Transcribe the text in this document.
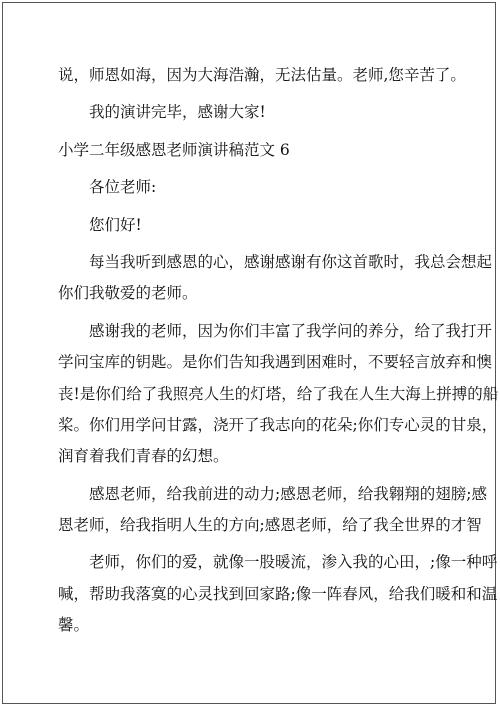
说，师恩如海，因为大海浩瀚，无法估量。老师,您辛苦了。
我的演讲完毕，感谢大家!
小学二年级感恩老师演讲稿范文 6
各位老师:
您们好!
每当我听到感恩的心，感谢感谢有你这首歌时，我总会想起
你们我敬爱的老师。
感谢我的老师，因为你们丰富了我学问的养分，给了我打开
学问宝库的钥匙。是你们告知我遇到困难时，不要轻言放弃和懊
丧!是你们给了我照亮人生的灯塔，给了我在人生大海上拼搏的船
桨。你们用学问甘露，浇开了我志向的花朵;你们专心灵的甘泉，
润育着我们青春的幻想。
感恩老师，给我前进的动力;感恩老师，给我翱翔的翅膀;感
恩老师，给我指明人生的方向;感恩老师，给了我全世界的才智
老师，你们的爱，就像一股暖流，渗入我的心田，;像一种呼
喊，帮助我落寞的心灵找到回家路;像一阵春风，给我们暖和和温
馨。
